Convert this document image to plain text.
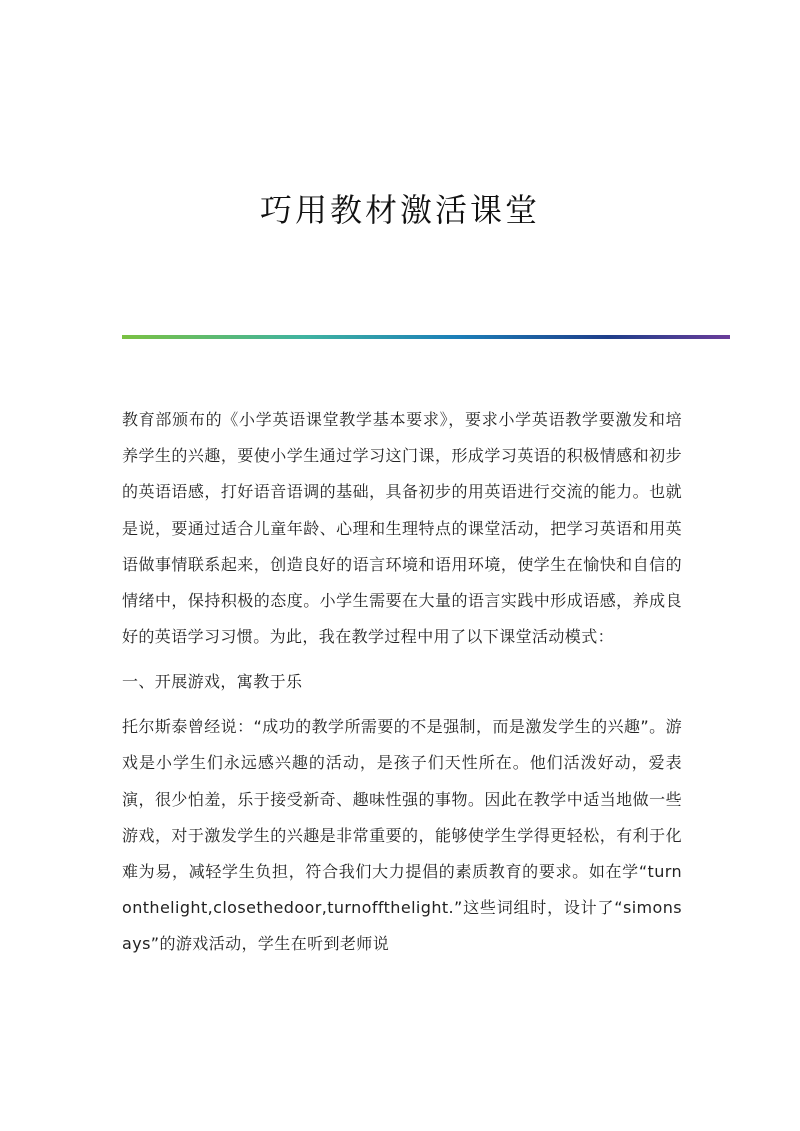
巧用教材激活课堂

教育部颁布的《小学英语课堂教学基本要求》，要求小学英语教学要激发和培养学生的兴趣，要使小学生通过学习这门课，形成学习英语的积极情感和初步的英语语感，打好语音语调的基础，具备初步的用英语进行交流的能力。也就是说，要通过适合儿童年龄、心理和生理特点的课堂活动，把学习英语和用英语做事情联系起来，创造良好的语言环境和语用环境，使学生在愉快和自信的情绪中，保持积极的态度。小学生需要在大量的语言实践中形成语感，养成良好的英语学习习惯。为此，我在教学过程中用了以下课堂活动模式：

一、开展游戏，寓教于乐

托尔斯泰曾经说：“成功的教学所需要的不是强制，而是激发学生的兴趣”。游戏是小学生们永远感兴趣的活动，是孩子们天性所在。他们活泼好动，爱表演，很少怕羞，乐于接受新奇、趣味性强的事物。因此在教学中适当地做一些游戏，对于激发学生的兴趣是非常重要的，能够使学生学得更轻松，有利于化难为易，减轻学生负担，符合我们大力提倡的素质教育的要求。如在学“turnonthelight,closethedoor,turnoffthelight.”这些词组时，设计了“simonsays”的游戏活动，学生在听到老师说
